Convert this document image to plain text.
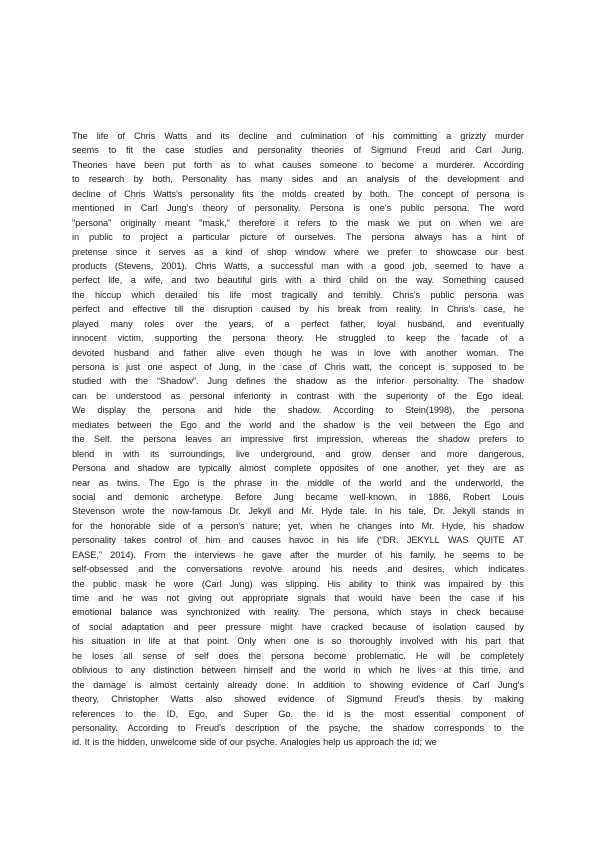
The life of Chris Watts and its decline and culmination of his committing a grizzly murder
seems to fit the case studies and personality theories of Sigmund Freud and Carl Jung.
Theories have been put forth as to what causes someone to become a murderer. According
to research by both, Personality has many sides and an analysis of the development and
decline of Chris Watts's personality fits the molds created by both. The concept of persona is
mentioned in Carl Jung's theory of personality. Persona is one's public persona. The word
"persona" originally meant "mask," therefore it refers to the mask we put on when we are
in public to project a particular picture of ourselves. The persona always has a hint of
pretense since it serves as a kind of shop window where we prefer to showcase our best
products (Stevens, 2001). Chris Watts, a successful man with a good job, seemed to have a
perfect life, a wife, and two beautiful girls with a third child on the way. Something caused
the hiccup which derailed his life most tragically and terribly. Chris’s public persona was
perfect and effective till the disruption caused by his break from reality. In Chris’s case, he
played many roles over the years, of a perfect father, loyal husband, and eventually
innocent victim, supporting the persona theory. He struggled to keep the facade of a
devoted husband and father alive even though he was in love with another woman. The
persona is just one aspect of Jung, in the case of Chris watt, the concept is supposed to be
studied with the “Shadow”. Jung defines the shadow as the inferior personality. The shadow
can be understood as personal inferiority in contrast with the superiority of the Ego ideal.
We display the persona and hide the shadow. According to Stein(1998), the persona
mediates between the Ego and the world and the shadow is the veil between the Ego and
the Self. the persona leaves an impressive first impression, whereas the shadow prefers to
blend in with its surroundings, live underground, and grow denser and more dangerous.
Persona and shadow are typically almost complete opposites of one another, yet they are as
near as twins. The Ego is the phrase in the middle of the world and the underworld, the
social and demonic archetype. Before Jung became well-known, in 1886, Robert Louis
Stevenson wrote the now-famous Dr. Jekyll and Mr. Hyde tale. In his tale, Dr. Jekyll stands in
for the honorable side of a person's nature; yet, when he changes into Mr. Hyde, his shadow
personality takes control of him and causes havoc in his life (“DR. JEKYLL WAS QUITE AT
EASE,” 2014). From the interviews he gave after the murder of his family, he seems to be
self-obsessed and the conversations revolve around his needs and desires, which indicates
the public mask he wore (Carl Jung) was slipping. His ability to think was impaired by this
time and he was not giving out appropriate signals that would have been the case if his
emotional balance was synchronized with reality. The persona, which stays in check because
of social adaptation and peer pressure might have cracked because of isolation caused by
his situation in life at that point. Only when one is so thoroughly involved with his part that
he loses all sense of self does the persona become problematic. He will be completely
oblivious to any distinction between himself and the world in which he lives at this time, and
the damage is almost certainly already done. In addition to showing evidence of Carl Jung's
theory, Christopher Watts also showed evidence of Sigmund Freud's thesis by making
references to the ID, Ego, and Super Go. the id is the most essential component of
personality. According to Freud's description of the psyche, the shadow corresponds to the
id. It is the hidden, unwelcome side of our psyche. Analogies help us approach the id; we
